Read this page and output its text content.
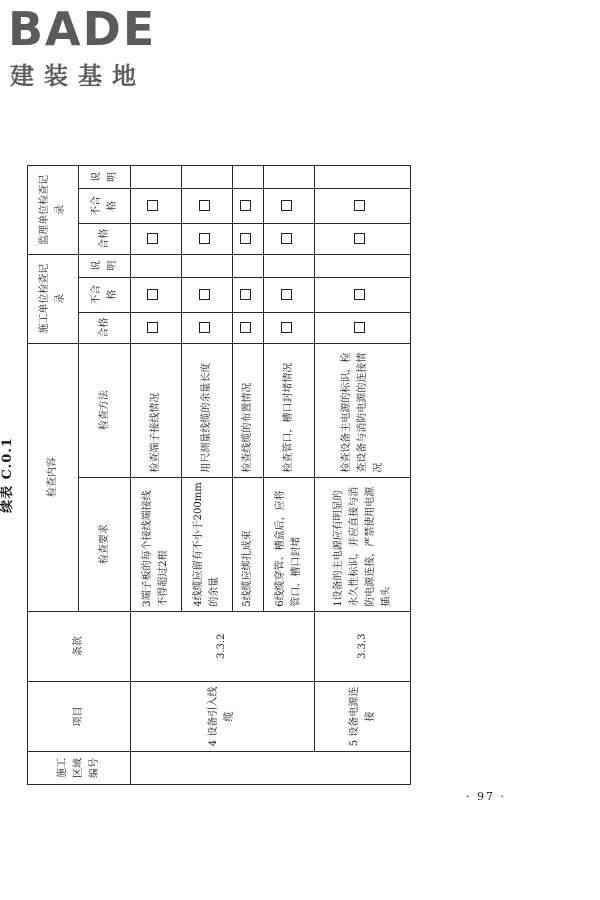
BADE
建装基地
续表 C.0.1
施工区域编号	项目	条款	检查内容		施工单位检查记录			监理单位检查记录		
					合格	不合格	说明	合格	不合格	说明
			检查要求	检查方法						
	4 设备引入线缆	3.3.2	3端子板的每个接线端接线不得超过2根	检查端子接线情况						
			4线缆应留有不小于200mm的余量	用尺测量线缆的余量长度						
			5线缆应绑扎成束	检查线缆的布置情况						
			6线缆穿管、槽盒后，应将管口、槽口封堵	检查管口，槽口封堵情况						
	5 设备电源连接	3.3.3	1设备的主电源应有明显的永久性标识，并应直接与消防电源连接，严禁使用电源插头	检查设备主电源的标识，检查设备与消防电源的连接情况						
· 97 ·
